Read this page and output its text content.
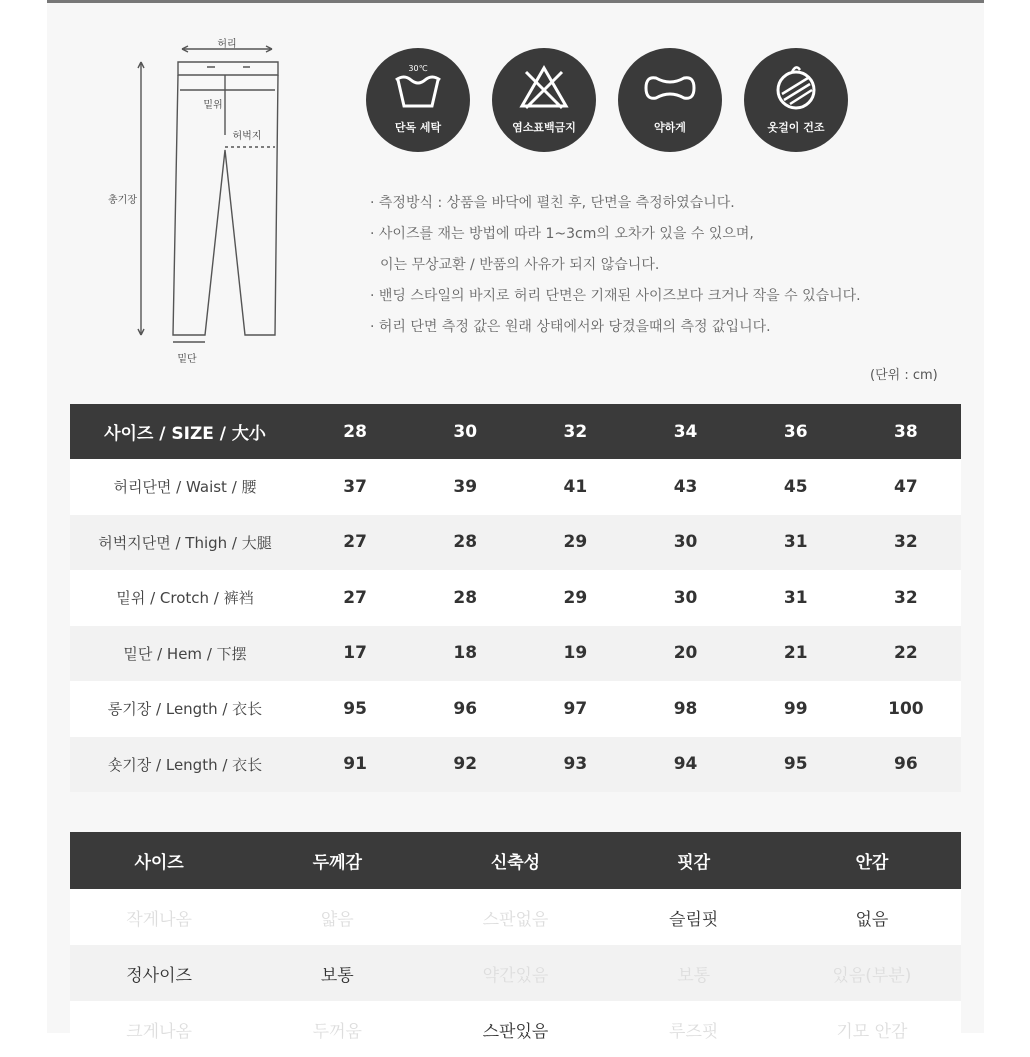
허리
밑위
허벅지
총기장
밑단
30℃
단독 세탁	염소표백금지	약하게	옷걸이 건조
· 측정방식 : 상품을 바닥에 펼친 후, 단면을 측정하였습니다.
· 사이즈를 재는 방법에 따라 1~3cm의 오차가 있을 수 있으며,
이는 무상교환 / 반품의 사유가 되지 않습니다.
· 밴딩 스타일의 바지로 허리 단면은 기재된 사이즈보다 크거나 작을 수 있습니다.
· 허리 단면 측정 값은 원래 상태에서와 당겼을때의 측정 값입니다.
(단위 : cm)
사이즈 / SIZE / 大小	28	30	32	34	36	38
허리단면 / Waist / 腰	37	39	41	43	45	47
허벅지단면 / Thigh / 大腿	27	28	29	30	31	32
밑위 / Crotch / 裤裆	27	28	29	30	31	32
밑단 / Hem / 下摆	17	18	19	20	21	22
롱기장 / Length / 衣长	95	96	97	98	99	100
숏기장 / Length / 衣长	91	92	93	94	95	96
사이즈	두께감	신축성	핏감	안감
작게나옴	얇음	스판없음	슬림핏	없음
정사이즈	보통	약간있음	보통	있음(부분)
크게나옴	두꺼움	스판있음	루즈핏	기모 안감
